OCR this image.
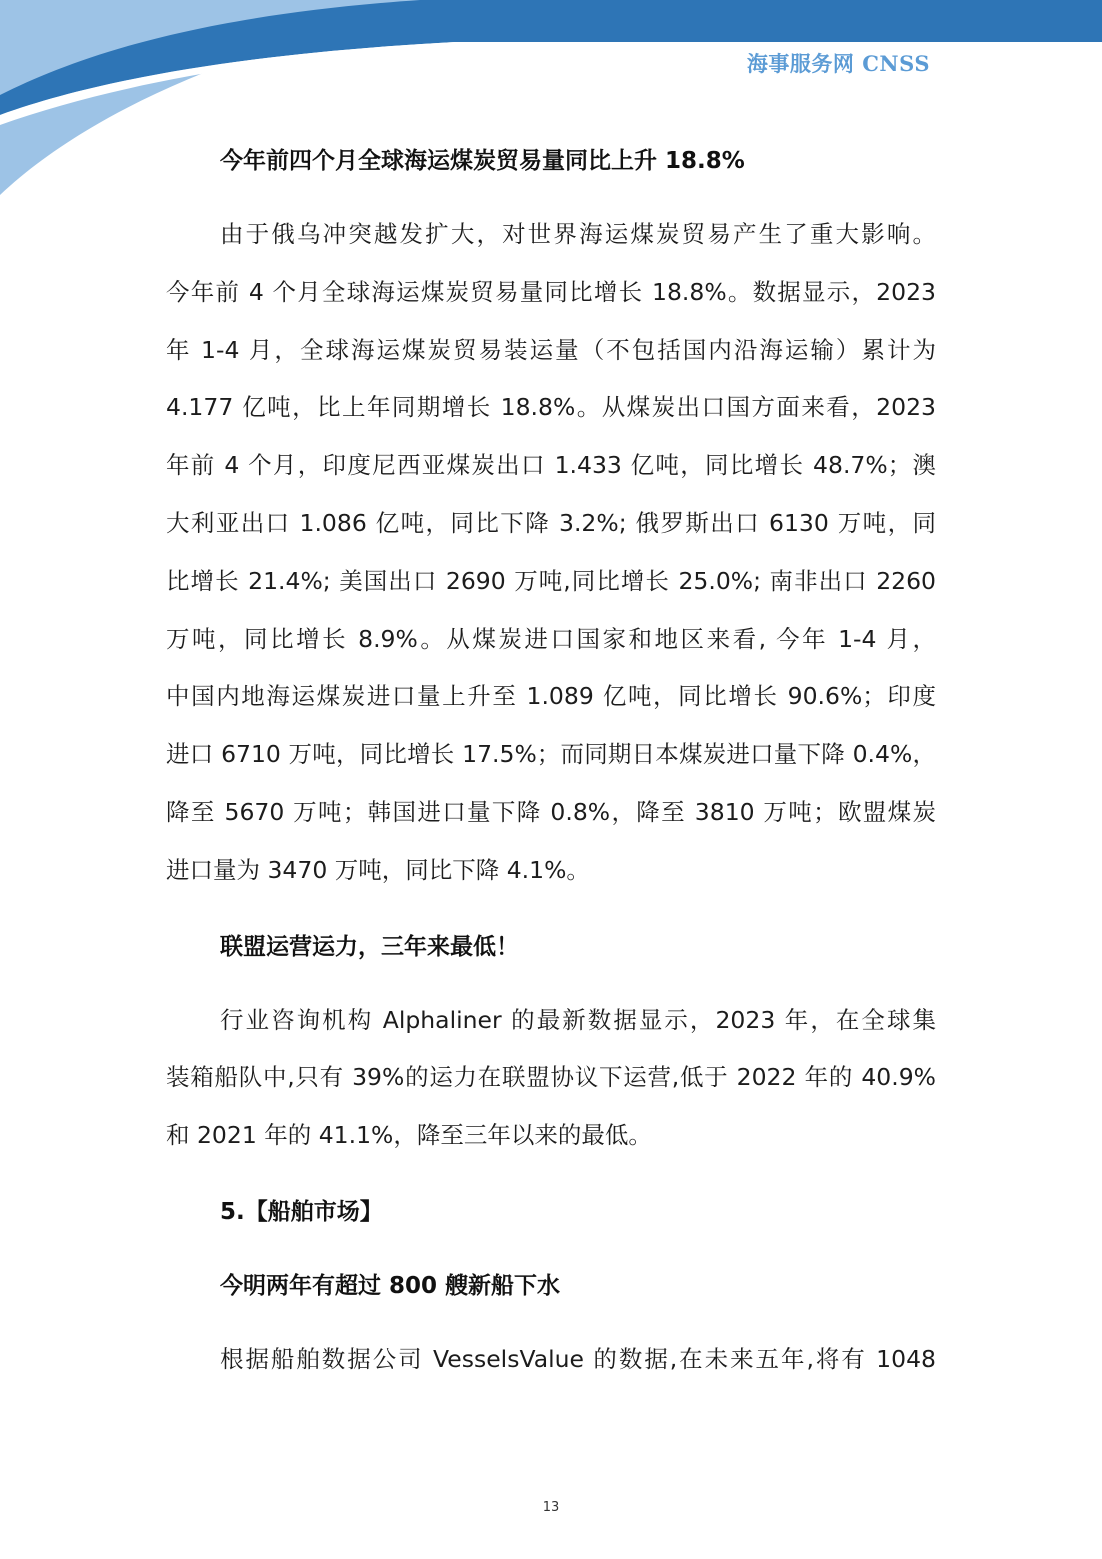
海事服务网 CNSS
今年前四个月全球海运煤炭贸易量同比上升 18.8%

由于俄乌冲突越发扩大，对世界海运煤炭贸易产生了重大影响。
今年前 4 个月全球海运煤炭贸易量同比增长 18.8%。数据显示，2023
年 1-4 月，全球海运煤炭贸易装运量（不包括国内沿海运输）累计为
4.177 亿吨，比上年同期增长 18.8%。从煤炭出口国方面来看，2023
年前 4 个月，印度尼西亚煤炭出口 1.433 亿吨，同比增长 48.7%；澳
大利亚出口 1.086 亿吨，同比下降 3.2%; 俄罗斯出口 6130 万吨，同
比增长 21.4%; 美国出口 2690 万吨,同比增长 25.0%; 南非出口 2260
万吨，同比增长 8.9%。从煤炭进口国家和地区来看, 今年 1-4 月，
中国内地海运煤炭进口量上升至 1.089 亿吨，同比增长 90.6%；印度
进口 6710 万吨，同比增长 17.5%；而同期日本煤炭进口量下降 0.4%，
降至 5670 万吨；韩国进口量下降 0.8%，降至 3810 万吨；欧盟煤炭
进口量为 3470 万吨，同比下降 4.1%。

联盟运营运力，三年来最低！

行业咨询机构 Alphaliner 的最新数据显示，2023 年，在全球集
装箱船队中,只有 39%的运力在联盟协议下运营,低于 2022 年的 40.9%
和 2021 年的 41.1%，降至三年以来的最低。

5.【船舶市场】
今明两年有超过 800 艘新船下水

根据船舶数据公司 VesselsValue 的数据,在未来五年,将有 1048

13
